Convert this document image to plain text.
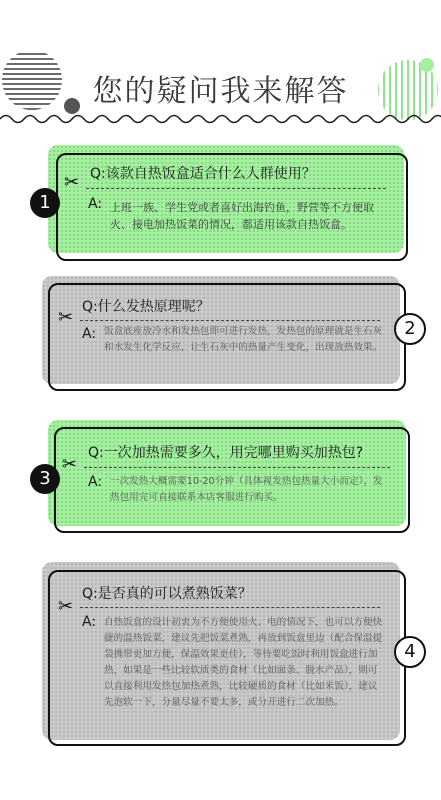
您的疑问我来解答
1
✂ Q:该款自热饭盒适合什么人群使用？
A: 上班一族、学生党或者喜好出海钓鱼，野营等不方便取火、接电加热饭菜的情况，都适用该款自热饭盒。
2
✂ Q:什么发热原理呢？
A: 饭盒底座放冷水和发热包即可进行发热，发热包的原理就是生石灰和水发生化学反应，让生石灰中的热量产生变化，出现放热效果。
3
✂
Q:一次加热需要多久，用完哪里购买加热包?
A: 一次发热大概需要10-20分钟（具体视发热包热量大小而定），发热包用完可直接联系本店客服进行购买。
4
✂
Q:是否真的可以煮熟饭菜？
A: 自热饭盒的设计初衷为不方便使用火、电的情况下，也可以方便快捷的温热饭菜，建议先把饭菜煮熟，再放到饭盒里边（配合保温提袋携带更加方便，保温效果更佳），等待要吃饭时利用饭盒进行加热，如果是一些比较软质类的食材（比如面条、脱水产品），则可以直接利用发热包加热煮熟，比较硬质的食材（比如米饭），建议先泡软一下，分量尽量不要太多，或分开进行二次加热。
